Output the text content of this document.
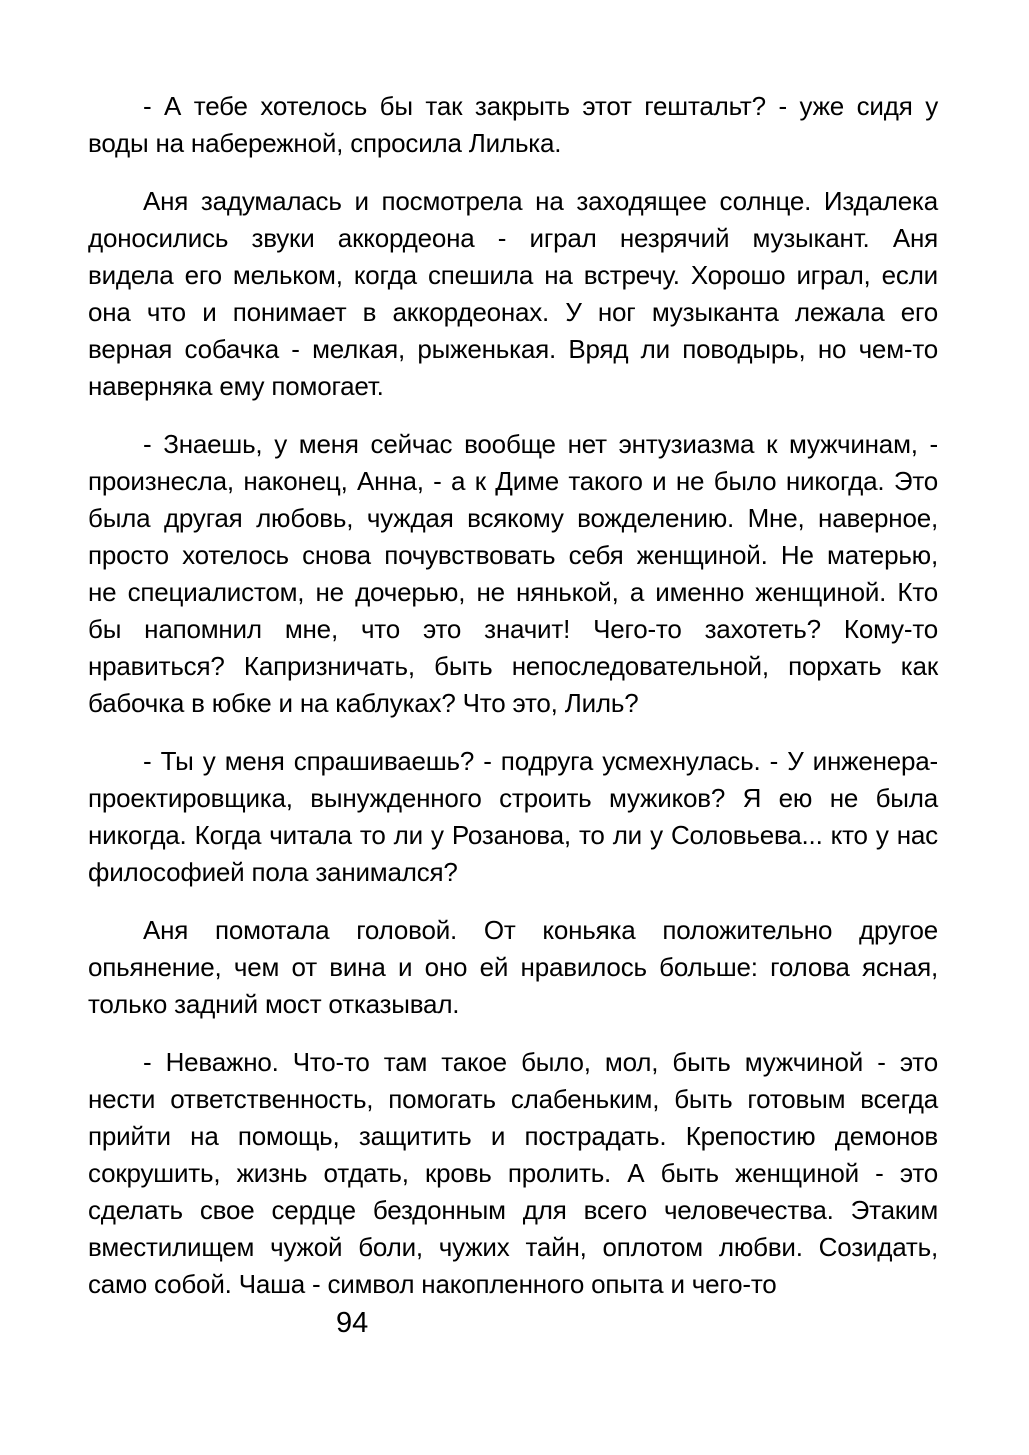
- А тебе хотелось бы так закрыть этот гештальт? - уже сидя у
воды на набережной, спросила Лилька.
Аня задумалась и посмотрела на заходящее солнце. Издалека
доносились звуки аккордеона - играл незрячий музыкант. Аня
видела его мельком, когда спешила на встречу. Хорошо играл, если
она что и понимает в аккордеонах. У ног музыканта лежала его
верная собачка - мелкая, рыженькая. Вряд ли поводырь, но чем-то
наверняка ему помогает.
- Знаешь, у меня сейчас вообще нет энтузиазма к мужчинам, -
произнесла, наконец, Анна, - а к Диме такого и не было никогда. Это
была другая любовь, чуждая всякому вожделению. Мне, наверное,
просто хотелось снова почувствовать себя женщиной. Не матерью,
не специалистом, не дочерью, не нянькой, а именно женщиной. Кто
бы напомнил мне, что это значит! Чего-то захотеть? Кому-то
нравиться? Капризничать, быть непоследовательной, порхать как
бабочка в юбке и на каблуках? Что это, Лиль?
- Ты у меня спрашиваешь? - подруга усмехнулась. - У инженера-
проектировщика, вынужденного строить мужиков? Я ею не была
никогда. Когда читала то ли у Розанова, то ли у Соловьева... кто у нас
философией пола занимался?
Аня помотала головой. От коньяка положительно другое
опьянение, чем от вина и оно ей нравилось больше: голова ясная,
только задний мост отказывал.
- Неважно. Что-то там такое было, мол, быть мужчиной - это
нести ответственность, помогать слабеньким, быть готовым всегда
прийти на помощь, защитить и пострадать. Крепостию демонов
сокрушить, жизнь отдать, кровь пролить. А быть женщиной - это
сделать свое сердце бездонным для всего человечества. Этаким
вместилищем чужой боли, чужих тайн, оплотом любви. Созидать,
само собой. Чаша - символ накопленного опыта и чего-то
94
